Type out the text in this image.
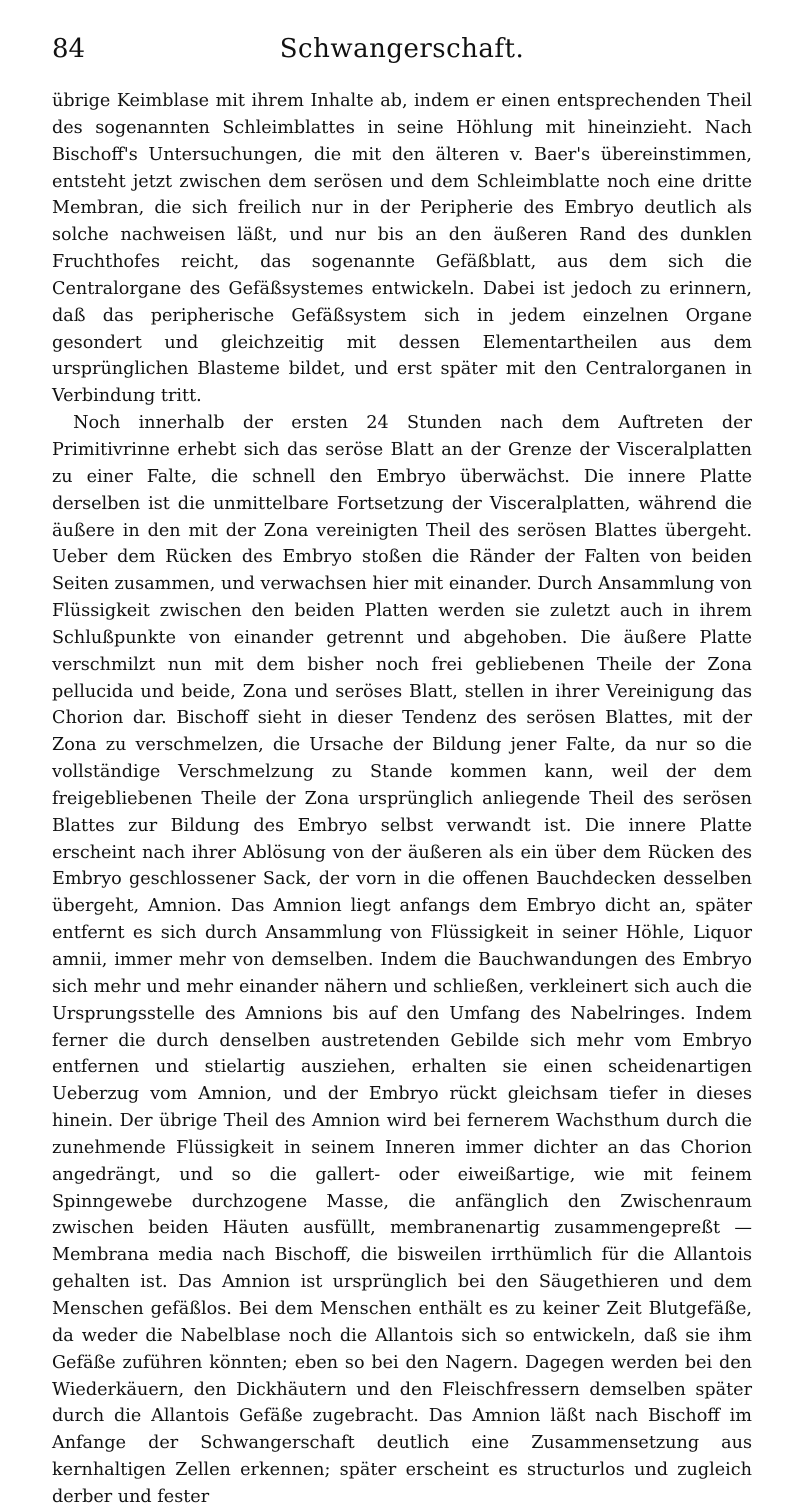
84	Schwangerschaft.

übrige Keimblase mit ihrem Inhalte ab, indem er einen entsprechenden Theil des sogenannten Schleimblattes in seine Höhlung mit hineinzieht. Nach Bischoff's Untersuchungen, die mit den älteren v. Baer's übereinstimmen, entsteht jetzt zwischen dem serösen und dem Schleimblatte noch eine dritte Membran, die sich freilich nur in der Peripherie des Embryo deutlich als solche nachweisen läßt, und nur bis an den äußeren Rand des dunklen Fruchthofes reicht, das sogenannte Gefäßblatt, aus dem sich die Centralorgane des Gefäßsystemes entwickeln. Dabei ist jedoch zu erinnern, daß das peripherische Gefäßsystem sich in jedem einzelnen Organe gesondert und gleichzeitig mit dessen Elementartheilen aus dem ursprünglichen Blasteme bildet, und erst später mit den Centralorganen in Verbindung tritt.

Noch innerhalb der ersten 24 Stunden nach dem Auftreten der Primitivrinne erhebt sich das seröse Blatt an der Grenze der Visceralplatten zu einer Falte, die schnell den Embryo überwächst. Die innere Platte derselben ist die unmittelbare Fortsetzung der Visceralplatten, während die äußere in den mit der Zona vereinigten Theil des serösen Blattes übergeht. Ueber dem Rücken des Embryo stoßen die Ränder der Falten von beiden Seiten zusammen, und verwachsen hier mit einander. Durch Ansammlung von Flüssigkeit zwischen den beiden Platten werden sie zuletzt auch in ihrem Schlußpunkte von einander getrennt und abgehoben. Die äußere Platte verschmilzt nun mit dem bisher noch frei gebliebenen Theile der Zona pellucida und beide, Zona und seröses Blatt, stellen in ihrer Vereinigung das Chorion dar. Bischoff sieht in dieser Tendenz des serösen Blattes, mit der Zona zu verschmelzen, die Ursache der Bildung jener Falte, da nur so die vollständige Verschmelzung zu Stande kommen kann, weil der dem freigebliebenen Theile der Zona ursprünglich anliegende Theil des serösen Blattes zur Bildung des Embryo selbst verwandt ist. Die innere Platte erscheint nach ihrer Ablösung von der äußeren als ein über dem Rücken des Embryo geschlossener Sack, der vorn in die offenen Bauchdecken desselben übergeht, Amnion. Das Amnion liegt anfangs dem Embryo dicht an, später entfernt es sich durch Ansammlung von Flüssigkeit in seiner Höhle, Liquor amnii, immer mehr von demselben. Indem die Bauchwandungen des Embryo sich mehr und mehr einander nähern und schließen, verkleinert sich auch die Ursprungsstelle des Amnions bis auf den Umfang des Nabelringes. Indem ferner die durch denselben austretenden Gebilde sich mehr vom Embryo entfernen und stielartig ausziehen, erhalten sie einen scheidenartigen Ueberzug vom Amnion, und der Embryo rückt gleichsam tiefer in dieses hinein. Der übrige Theil des Amnion wird bei fernerem Wachsthum durch die zunehmende Flüssigkeit in seinem Inneren immer dichter an das Chorion angedrängt, und so die gallert- oder eiweißartige, wie mit feinem Spinngewebe durchzogene Masse, die anfänglich den Zwischenraum zwischen beiden Häuten ausfüllt, membranenartig zusammengepreßt — Membrana media nach Bischoff, die bisweilen irrthümlich für die Allantois gehalten ist. Das Amnion ist ursprünglich bei den Säugethieren und dem Menschen gefäßlos. Bei dem Menschen enthält es zu keiner Zeit Blutgefäße, da weder die Nabelblase noch die Allantois sich so entwickeln, daß sie ihm Gefäße zuführen könnten; eben so bei den Nagern. Dagegen werden bei den Wiederkäuern, den Dickhäutern und den Fleischfressern demselben später durch die Allantois Gefäße zugebracht. Das Amnion läßt nach Bischoff im Anfange der Schwangerschaft deutlich eine Zusammensetzung aus kernhaltigen Zellen erkennen; später erscheint es structurlos und zugleich derber und fester
